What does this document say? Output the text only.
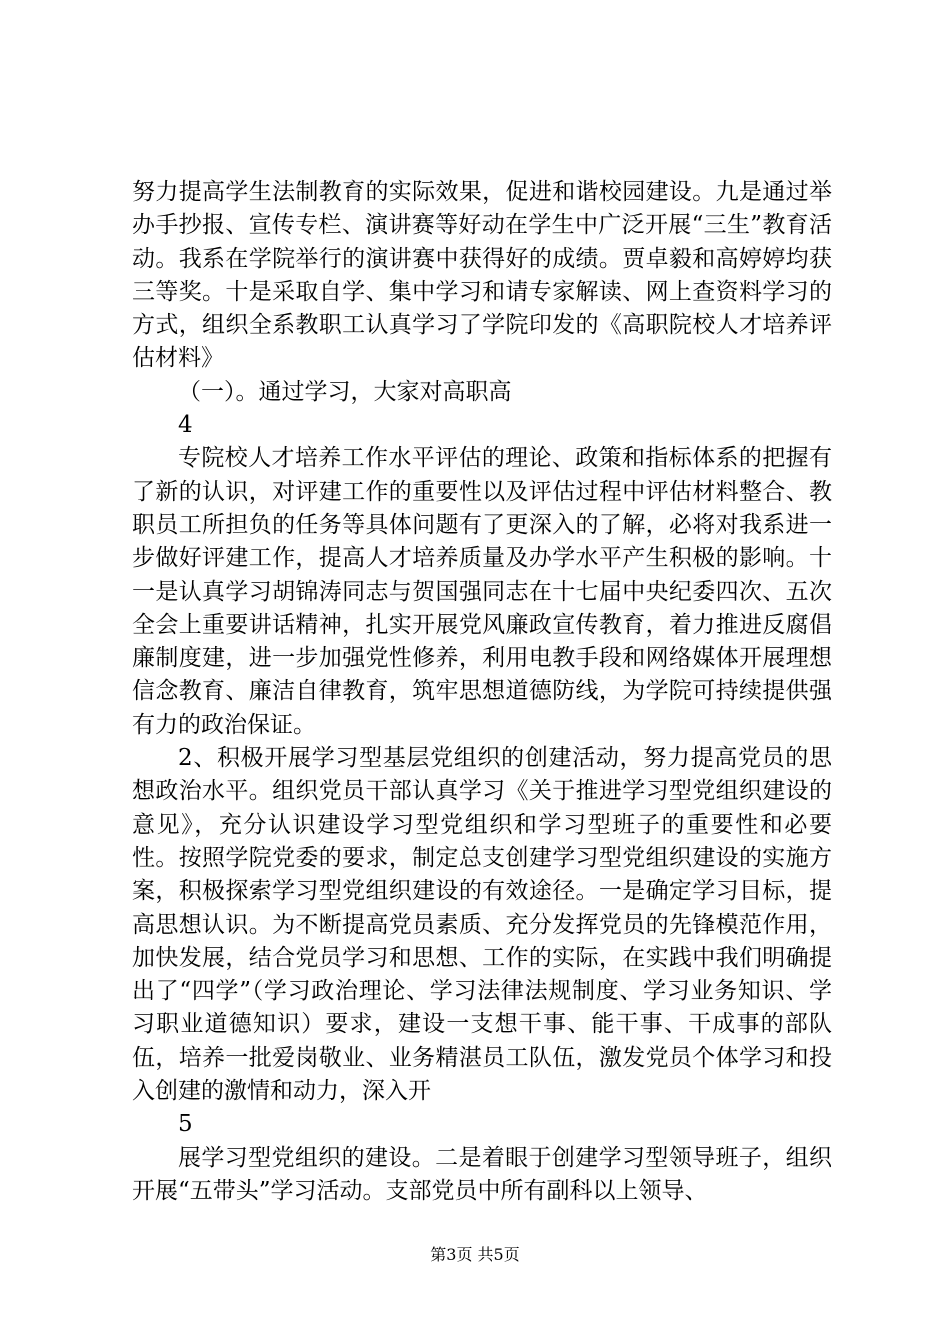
努力提高学生法制教育的实际效果，促进和谐校园建设。九是通过举办手抄报、宣传专栏、演讲赛等好动在学生中广泛开展“三生”教育活动。我系在学院举行的演讲赛中获得好的成绩。贾卓毅和高婷婷均获三等奖。十是采取自学、集中学习和请专家解读、网上查资料学习的方式，组织全系教职工认真学习了学院印发的《高职院校人才培养评估材料》

（一）。通过学习，大家对高职高

4

专院校人才培养工作水平评估的理论、政策和指标体系的把握有了新的认识，对评建工作的重要性以及评估过程中评估材料整合、教职员工所担负的任务等具体问题有了更深入的了解，必将对我系进一步做好评建工作，提高人才培养质量及办学水平产生积极的影响。十一是认真学习胡锦涛同志与贺国强同志在十七届中央纪委四次、五次全会上重要讲话精神，扎实开展党风廉政宣传教育，着力推进反腐倡廉制度建，进一步加强党性修养，利用电教手段和网络媒体开展理想信念教育、廉洁自律教育，筑牢思想道德防线，为学院可持续提供强有力的政治保证。

2、积极开展学习型基层党组织的创建活动，努力提高党员的思想政治水平。组织党员干部认真学习《关于推进学习型党组织建设的意见》，充分认识建设学习型党组织和学习型班子的重要性和必要性。按照学院党委的要求，制定总支创建学习型党组织建设的实施方案，积极探索学习型党组织建设的有效途径。一是确定学习目标，提高思想认识。为不断提高党员素质、充分发挥党员的先锋模范作用，加快发展，结合党员学习和思想、工作的实际，在实践中我们明确提出了“四学”（学习政治理论、学习法律法规制度、学习业务知识、学习职业道德知识）要求，建设一支想干事、能干事、干成事的部队伍，培养一批爱岗敬业、业务精湛员工队伍，激发党员个体学习和投入创建的激情和动力，深入开

5

展学习型党组织的建设。二是着眼于创建学习型领导班子，组织开展“五带头”学习活动。支部党员中所有副科以上领导、

第3页 共5页
